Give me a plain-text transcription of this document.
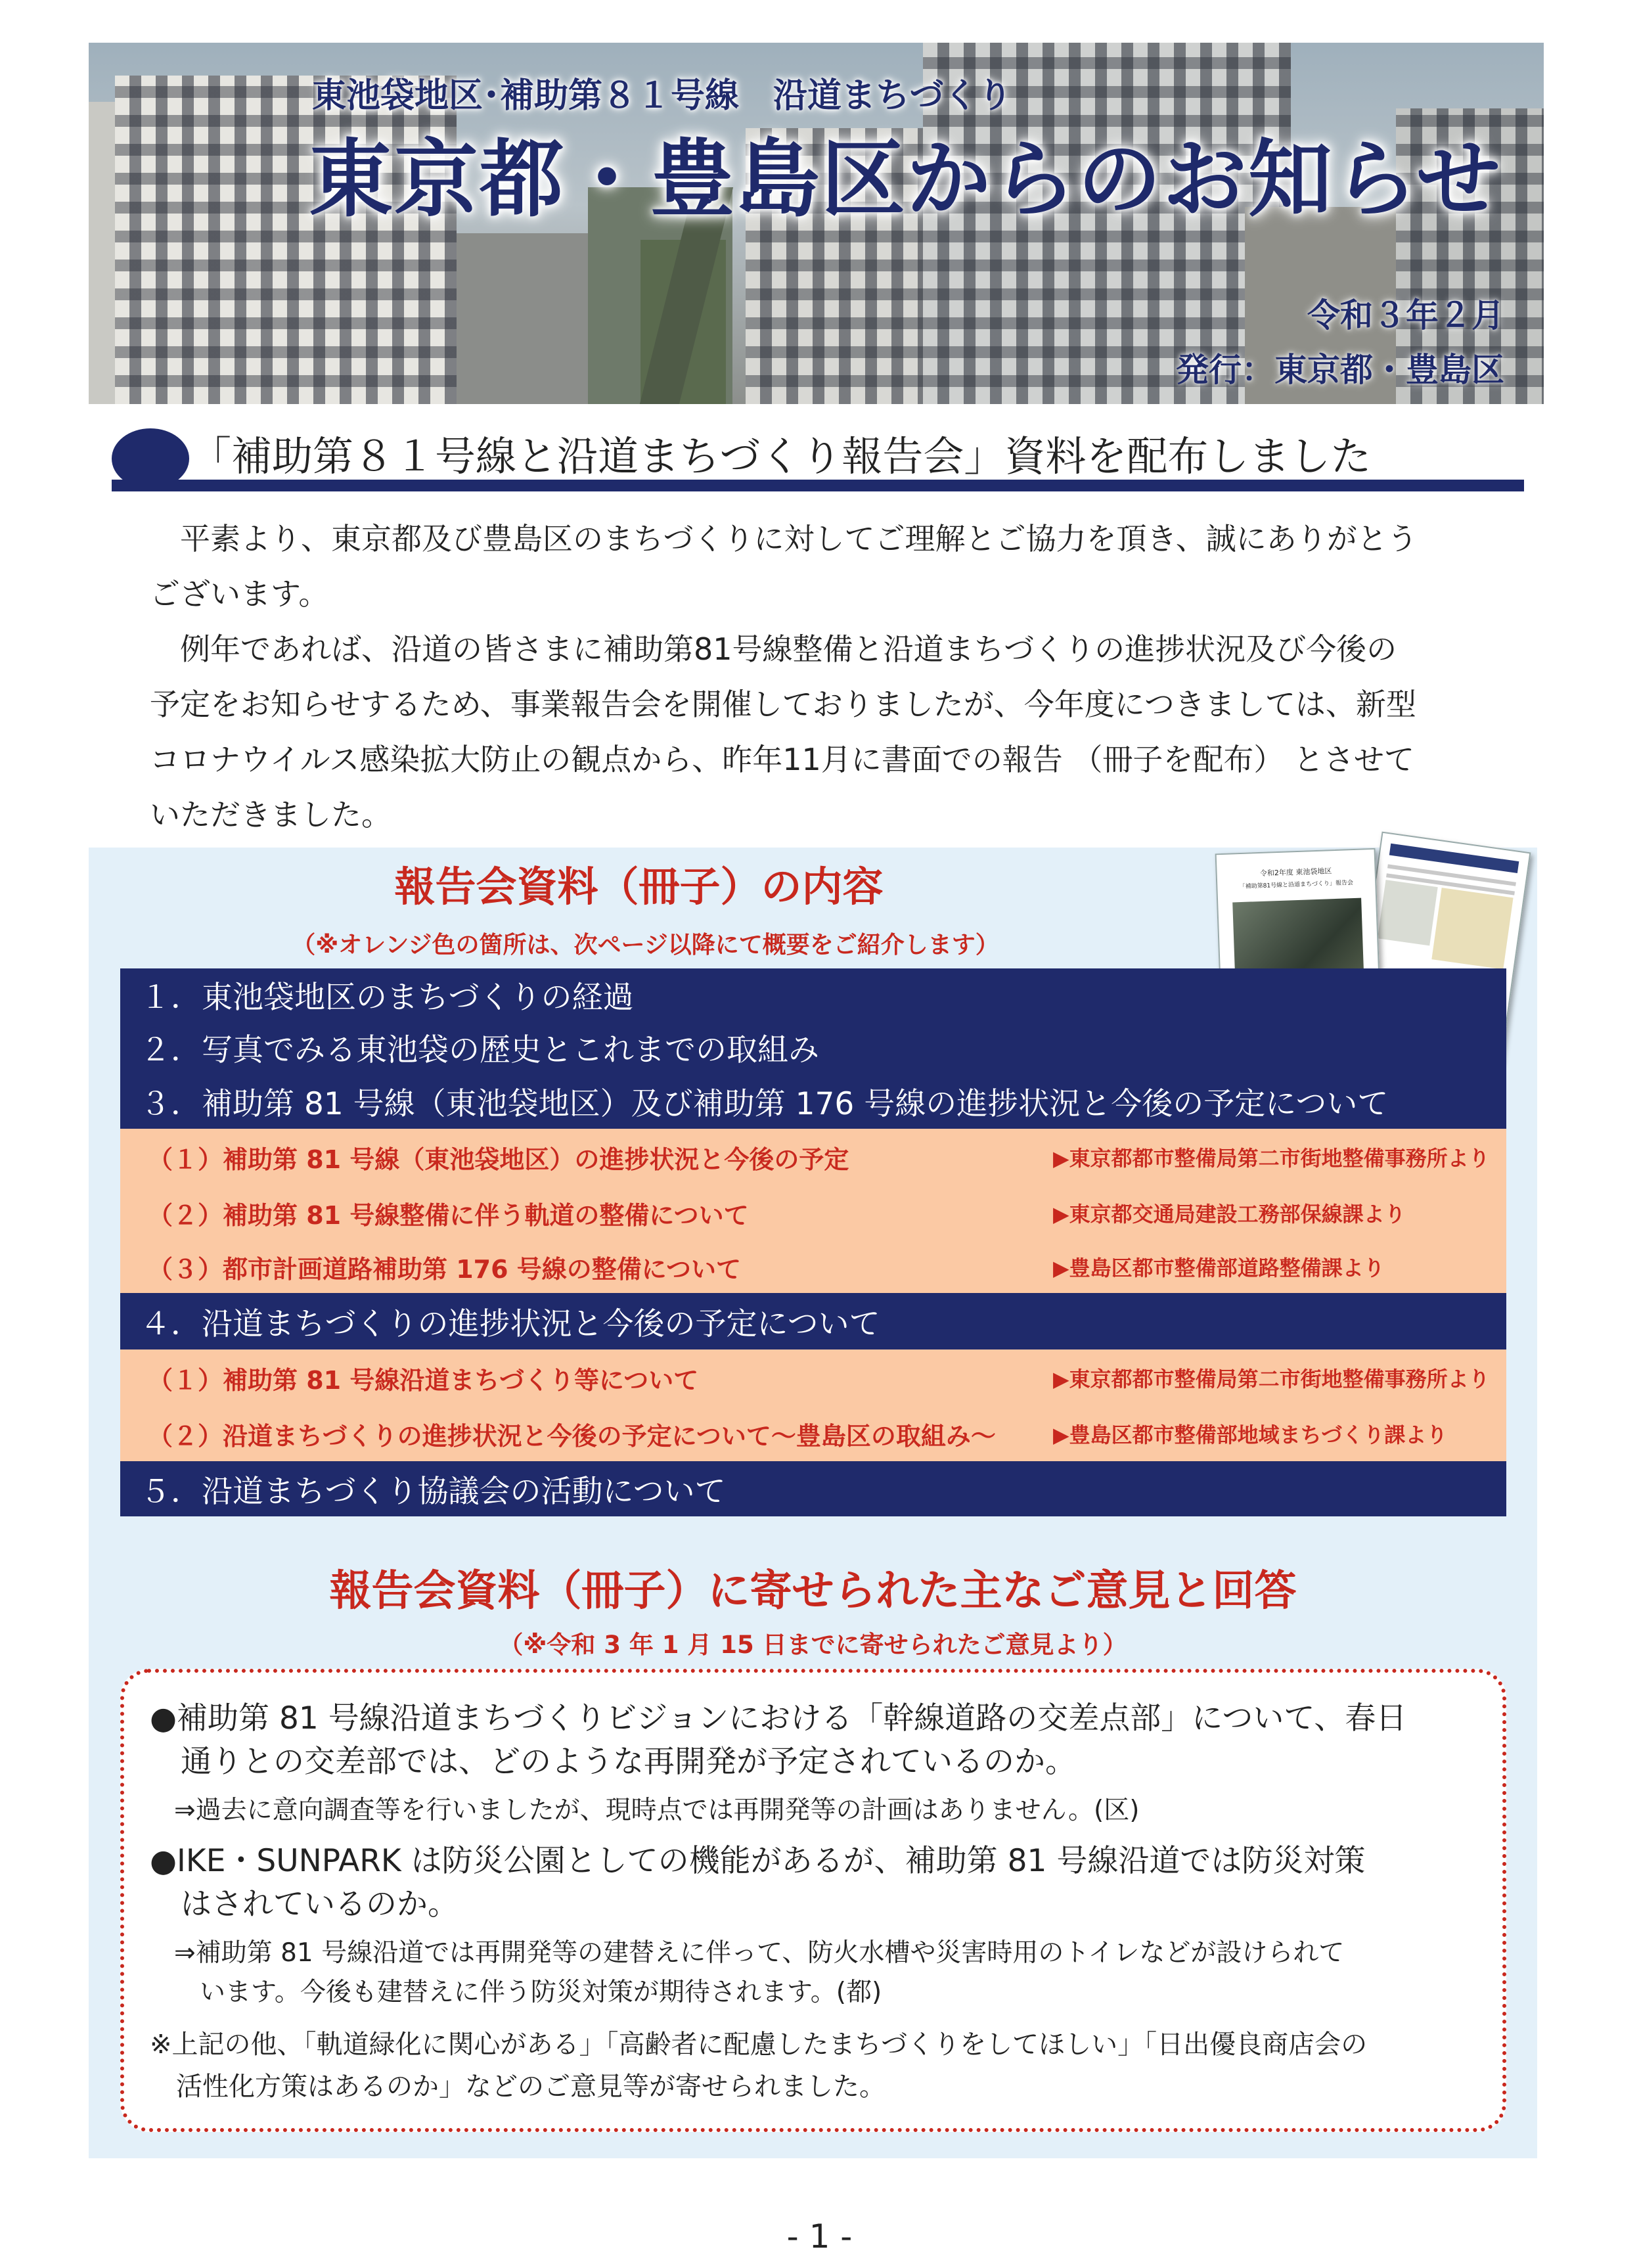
東池袋地区･補助第８１号線　沿道まちづくり
東京都・豊島区からのお知らせ
令和３年２月
発行：東京都・豊島区
「補助第８１号線と沿道まちづくり報告会」資料を配布しました
平素より、東京都及び豊島区のまちづくりに対してご理解とご協力を頂き、誠にありがとう
ございます。
例年であれば、沿道の皆さまに補助第81号線整備と沿道まちづくりの進捗状況及び今後の
予定をお知らせするため、事業報告会を開催しておりましたが、今年度につきましては、新型
コロナウイルス感染拡大防止の観点から、昨年11月に書面での報告 （冊子を配布） とさせて
いただきました。
報告会資料（冊子）の内容
（※オレンジ色の箇所は、次ページ以降にて概要をご紹介します）
令和2年度 東池袋地区
「補助第81号線と沿道まちづくり」報告会
１．東池袋地区のまちづくりの経過
２．写真でみる東池袋の歴史とこれまでの取組み
３．補助第 81 号線（東池袋地区）及び補助第 176 号線の進捗状況と今後の予定について
（１）補助第 81 号線（東池袋地区）の進捗状況と今後の予定	▶東京都都市整備局第二市街地整備事務所より
（２）補助第 81 号線整備に伴う軌道の整備について	▶東京都交通局建設工務部保線課より
（３）都市計画道路補助第 176 号線の整備について	▶豊島区都市整備部道路整備課より
４．沿道まちづくりの進捗状況と今後の予定について
（１）補助第 81 号線沿道まちづくり等について	▶東京都都市整備局第二市街地整備事務所より
（２）沿道まちづくりの進捗状況と今後の予定について～豊島区の取組み～	▶豊島区都市整備部地域まちづくり課より
５．沿道まちづくり協議会の活動について
報告会資料（冊子）に寄せられた主なご意見と回答
（※令和 3 年 1 月 15 日までに寄せられたご意見より）
●補助第 81 号線沿道まちづくりビジョンにおける「幹線道路の交差点部」について、春日
　通りとの交差部では、どのような再開発が予定されているのか。
⇒過去に意向調査等を行いましたが、現時点では再開発等の計画はありません。(区)
●IKE・SUNPARK は防災公園としての機能があるが、補助第 81 号線沿道では防災対策
　はされているのか。
⇒補助第 81 号線沿道では再開発等の建替えに伴って、防火水槽や災害時用のトイレなどが設けられて
　います。今後も建替えに伴う防災対策が期待されます。(都)
※上記の他、「軌道緑化に関心がある」「高齢者に配慮したまちづくりをしてほしい」「日出優良商店会の
　活性化方策はあるのか」などのご意見等が寄せられました。
- 1 -
